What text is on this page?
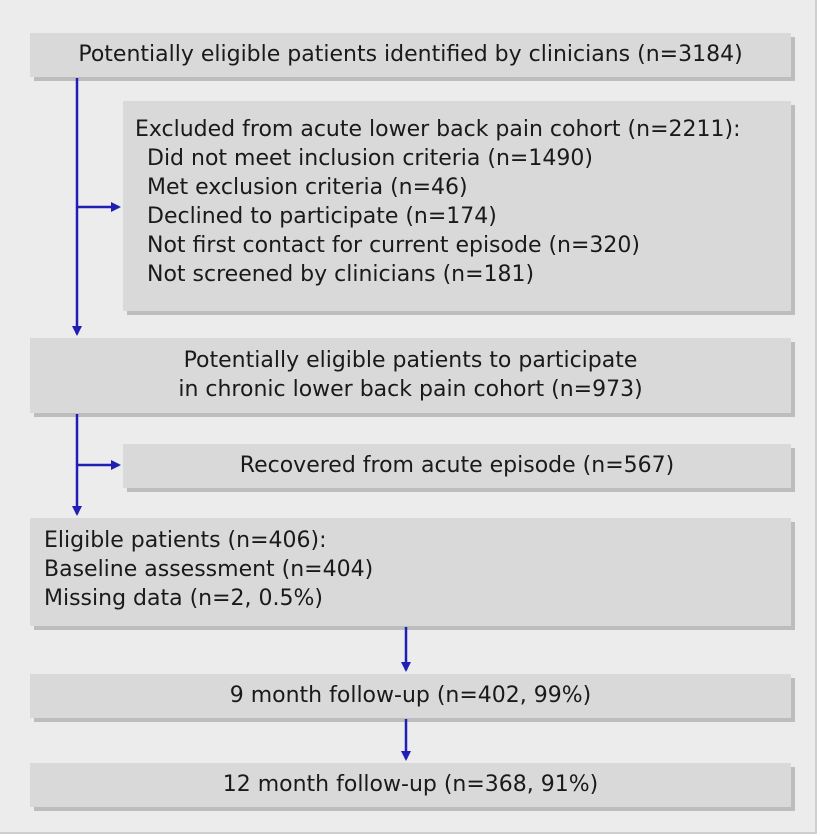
Potentially eligible patients identified by clinicians (n=3184)
Excluded from acute lower back pain cohort (n=2211):
Did not meet inclusion criteria (n=1490)
Met exclusion criteria (n=46)
Declined to participate (n=174)
Not first contact for current episode (n=320)
Not screened by clinicians (n=181)
Potentially eligible patients to participate
in chronic lower back pain cohort (n=973)
Recovered from acute episode (n=567)
Eligible patients (n=406):
Baseline assessment (n=404)
Missing data (n=2, 0.5%)
9 month follow-up (n=402, 99%)
12 month follow-up (n=368, 91%)
